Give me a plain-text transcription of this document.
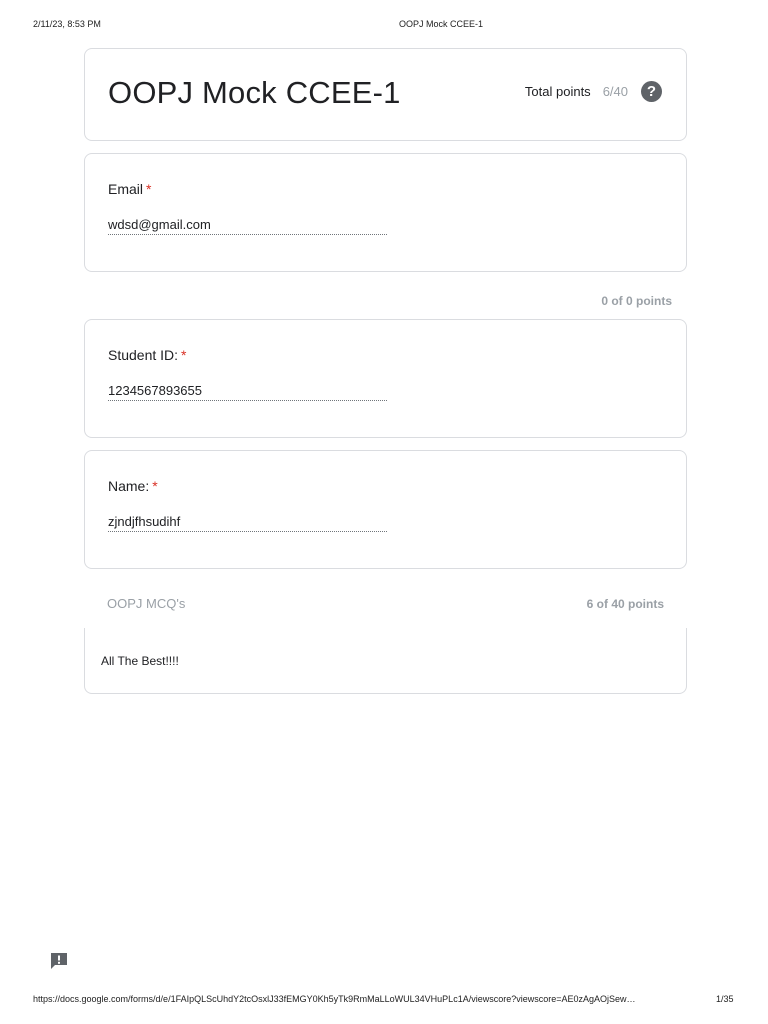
2/11/23, 8:53 PM	OOPJ Mock CCEE-1
OOPJ Mock CCEE-1	Total points 6/40	?
Email *
wdsd@gmail.com
0 of 0 points
Student ID: *
1234567893655
Name: *
zjndjfhsudihf
OOPJ MCQ's	6 of 40 points
All The Best!!!!
https://docs.google.com/forms/d/e/1FAIpQLScUhdY2tcOsxlJ33fEMGY0Kh5yTk9RmMaLLoWUL34VHuPLc1A/viewscore?viewscore=AE0zAgAOjSew…	1/35
